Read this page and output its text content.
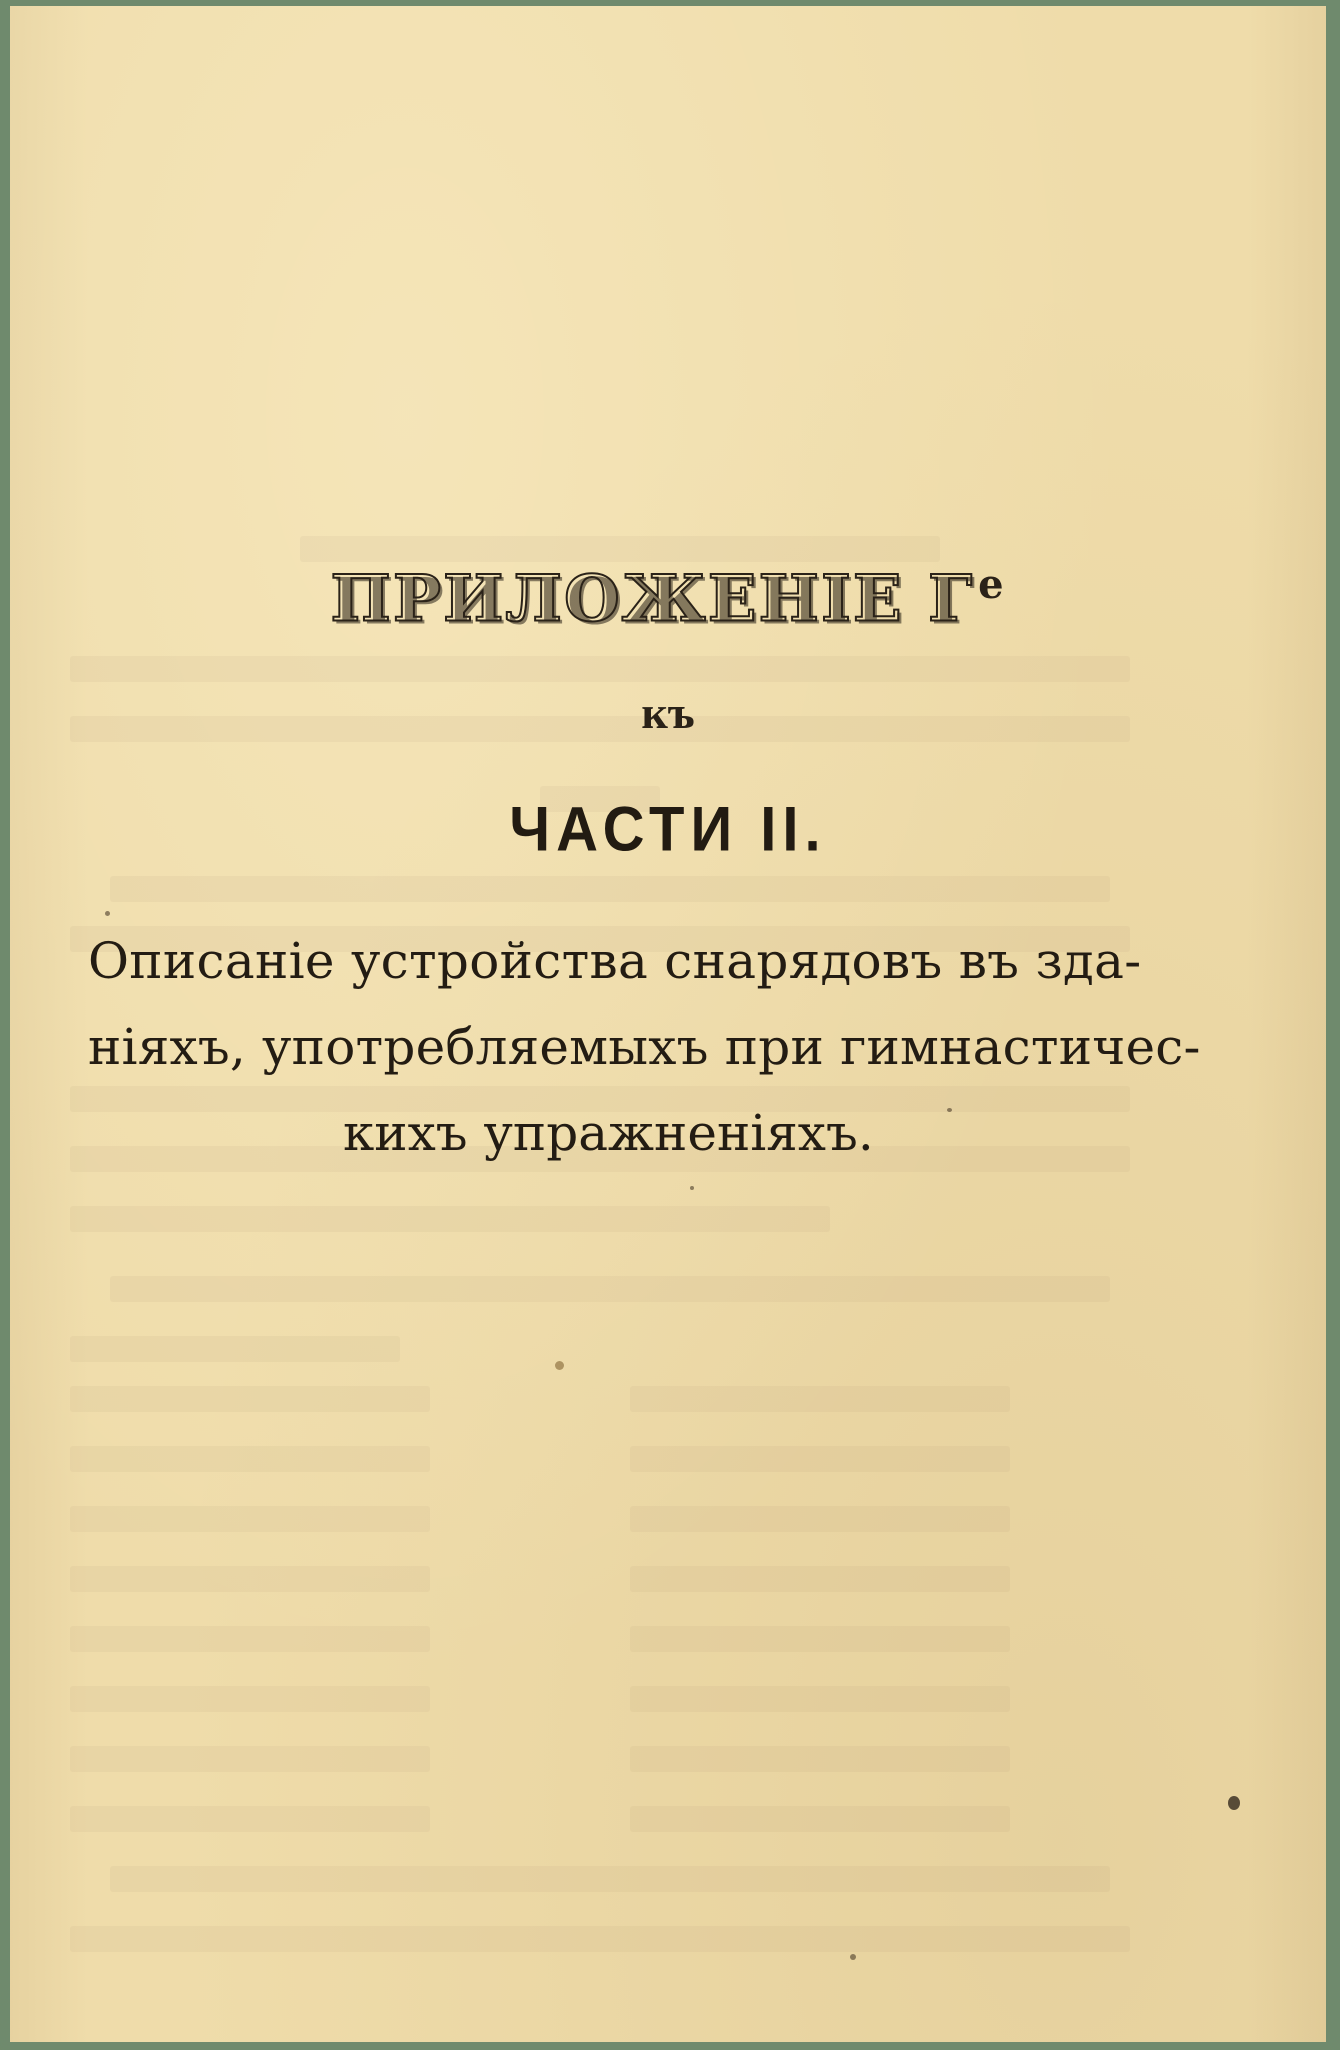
ПРИЛОЖЕНІЕ Г $^е$
къ
ЧАСТИ II.
Описаніе устройства снарядовъ въ зда-
ніяхъ, употребляемыхъ при гимнастичес-
кихъ упражненіяхъ.
